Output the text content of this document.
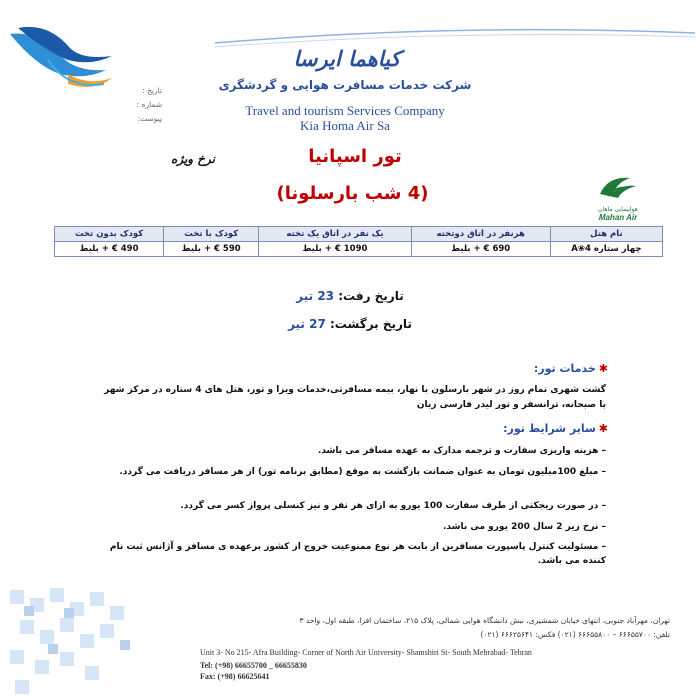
کیاهما ایرسا
شرکت خدمات مسافرت هوایی و گردشگری
Travel and tourism Services Company
Kia Homa Air Sa
تاریخ :
شماره :
پیوست:
تور اسپانیا
نرخ ویژه
(4 شب بارسلونا)
هواپیمایی ماهان
Mahan Air
نام هتل	هرنفر در اتاق دوتخته	یک نفر در اتاق یک تخته	کودک با تخت	کودک بدون تخت
چهار ستاره A❀4	690 € + بلیط	1090 € + بلیط	590 € + بلیط	490 € + بلیط
تاریخ رفت: 23 تیر
تاریخ برگشت: 27 تیر
✱خدمات تور:
گشت شهری تمام روز در شهر بارسلون با نهار، بیمه مسافرتی،خدمات ویزا و تور، هتل های 4 ستاره در مرکز شهر با صبحانه، ترانسفر و تور لیدر فارسی زبان
✱سایر شرایط تور:
– هزینه واریزی سفارت و ترجمه مدارک به عهده مسافر می باشد.
– مبلغ 100میلیون تومان به عنوان ضمانت بازگشت به موقع (مطابق برنامه تور) از هر مسافر دریافت می گردد.
– در صورت ریجکتی از طرف سفارت 100 یورو به ازای هر نفر و نیز کنسلی پرواز کسر می گردد.
– نرخ زیر 2 سال 200 یورو می باشد.
– مسئولیت کنترل پاسپورت مسافرین از بابت هر نوع ممنوعیت خروج از کشور برعهده ی مسافر و آژانس ثبت نام کننده می باشد.
تهران، مهرآباد جنوبی، انتهای خیابان شمشیری، نبش دانشگاه هوایی شمالی، پلاک ۲۱۵، ساختمان افرا، طبقه اول، واحد ۳
تلفن: ۶۶۶۵۵۷۰۰ – ۶۶۶۵۵۸۰۰ (۰۲۱) فکس: ۶۶۶۲۵۶۴۱ (۰۲۱)
Unit 3- No 215- Afra Building- Corner of North Air University- Shamshiri St- South Mehrabad- Tehran
Tel: (+98) 66655700 _ 66655830
Fax: (+98) 66625641
